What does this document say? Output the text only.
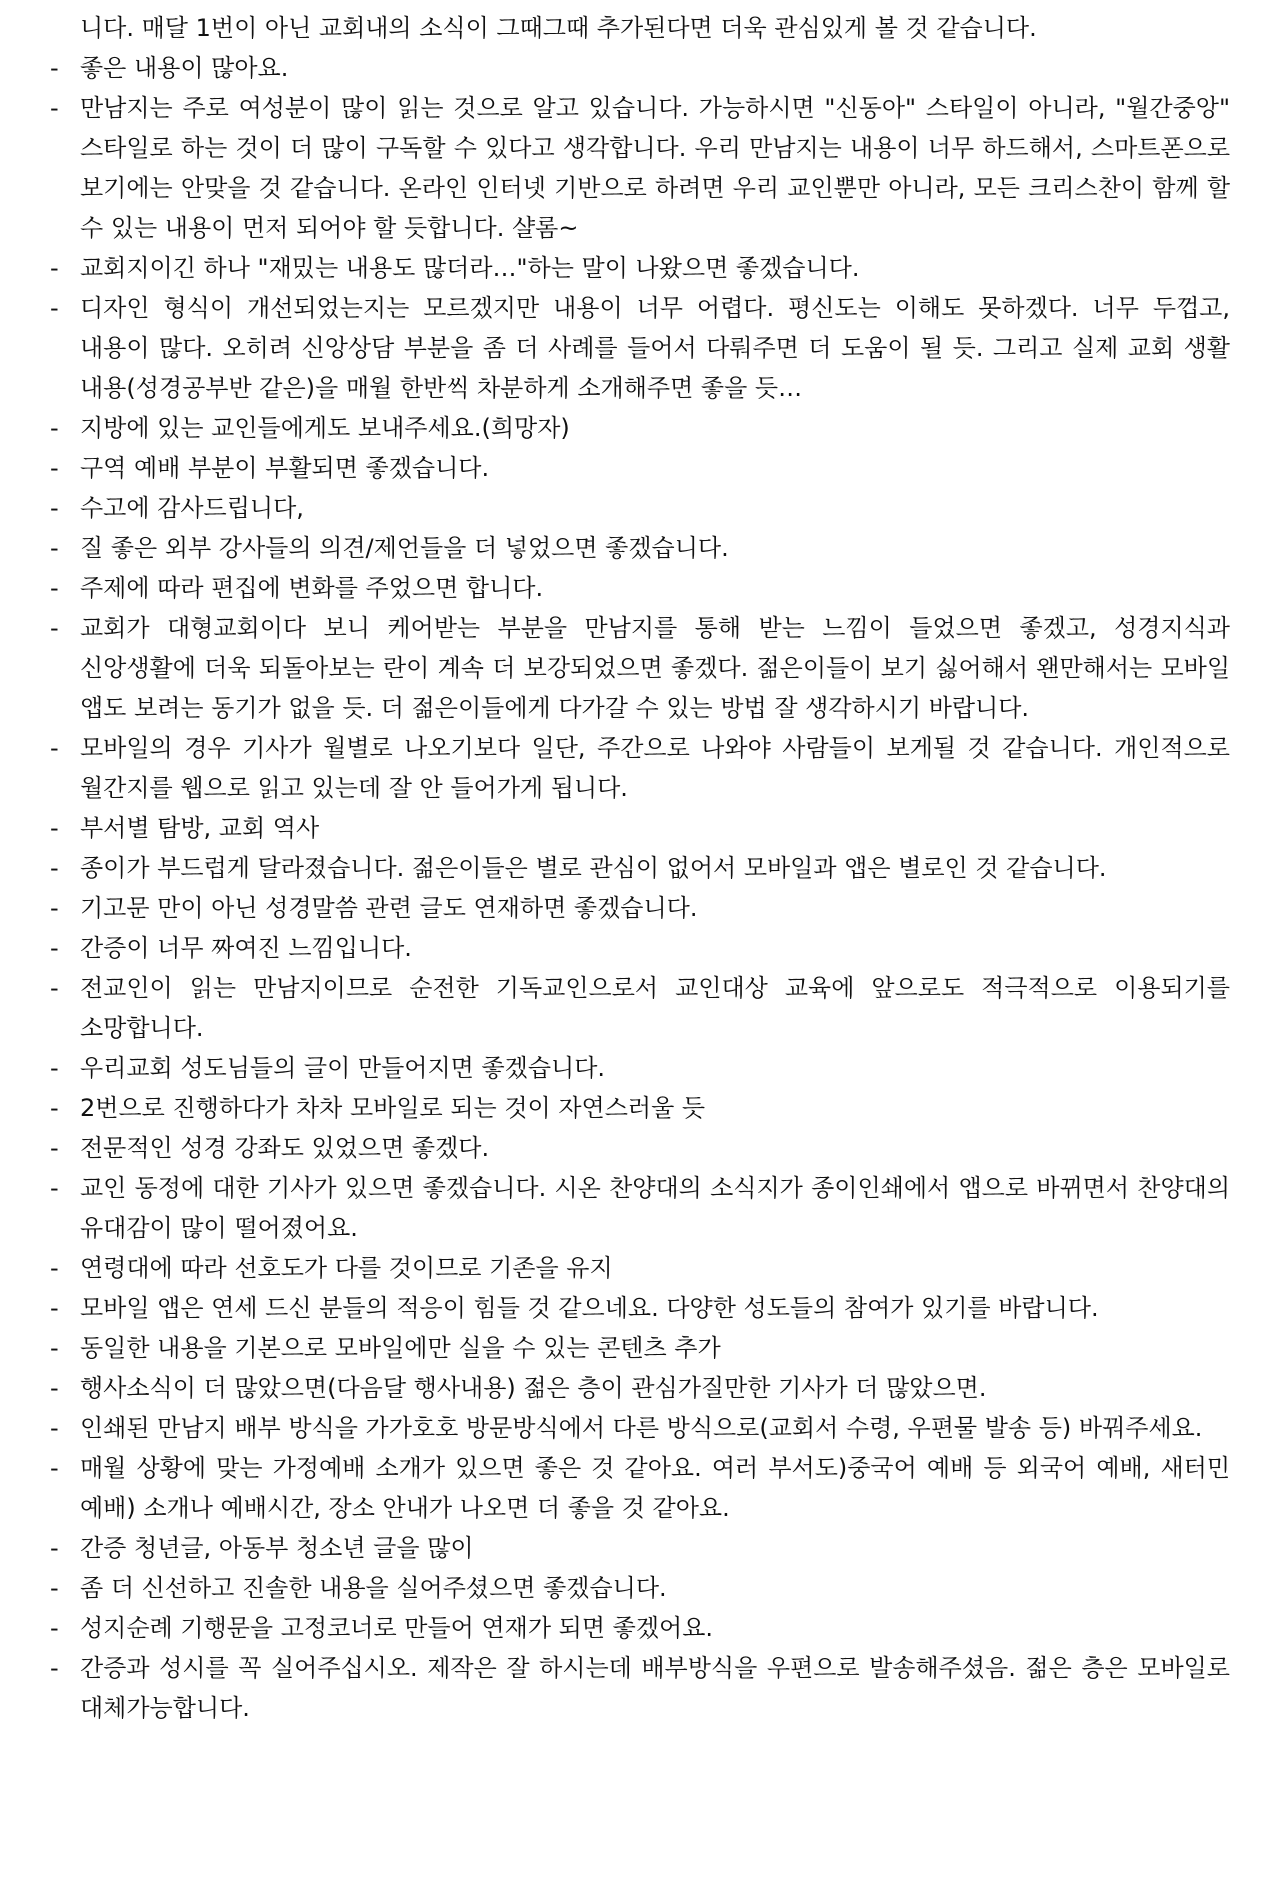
니다. 매달 1번이 아닌 교회내의 소식이 그때그때 추가된다면 더욱 관심있게 볼 것 같습니다.
- 좋은 내용이 많아요.
- 만남지는 주로 여성분이 많이 읽는 것으로 알고 있습니다. 가능하시면 "신동아" 스타일이 아니라, "월간중앙" 스타일로 하는 것이 더 많이 구독할 수 있다고 생각합니다. 우리 만남지는 내용이 너무 하드해서, 스마트폰으로 보기에는 안맞을 것 같습니다. 온라인 인터넷 기반으로 하려면 우리 교인뿐만 아니라, 모든 크리스찬이 함께 할 수 있는 내용이 먼저 되어야 할 듯합니다. 샬롬~
- 교회지이긴 하나 "재밌는 내용도 많더라…"하는 말이 나왔으면 좋겠습니다.
- 디자인 형식이 개선되었는지는 모르겠지만 내용이 너무 어렵다. 평신도는 이해도 못하겠다. 너무 두껍고, 내용이 많다. 오히려 신앙상담 부분을 좀 더 사례를 들어서 다뤄주면 더 도움이 될 듯. 그리고 실제 교회 생활 내용(성경공부반 같은)을 매월 한반씩 차분하게 소개해주면 좋을 듯…
- 지방에 있는 교인들에게도 보내주세요.(희망자)
- 구역 예배 부분이 부활되면 좋겠습니다.
- 수고에 감사드립니다,
- 질 좋은 외부 강사들의 의견/제언들을 더 넣었으면 좋겠습니다.
- 주제에 따라 편집에 변화를 주었으면 합니다.
- 교회가 대형교회이다 보니 케어받는 부분을 만남지를 통해 받는 느낌이 들었으면 좋겠고, 성경지식과 신앙생활에 더욱 되돌아보는 란이 계속 더 보강되었으면 좋겠다. 젊은이들이 보기 싫어해서 왠만해서는 모바일 앱도 보려는 동기가 없을 듯. 더 젊은이들에게 다가갈 수 있는 방법 잘 생각하시기 바랍니다.
- 모바일의 경우 기사가 월별로 나오기보다 일단, 주간으로 나와야 사람들이 보게될 것 같습니다. 개인적으로 월간지를 웹으로 읽고 있는데 잘 안 들어가게 됩니다.
- 부서별 탐방, 교회 역사
- 종이가 부드럽게 달라졌습니다. 젊은이들은 별로 관심이 없어서 모바일과 앱은 별로인 것 같습니다.
- 기고문 만이 아닌 성경말씀 관련 글도 연재하면 좋겠습니다.
- 간증이 너무 짜여진 느낌입니다.
- 전교인이 읽는 만남지이므로 순전한 기독교인으로서 교인대상 교육에 앞으로도 적극적으로 이용되기를 소망합니다.
- 우리교회 성도님들의 글이 만들어지면 좋겠습니다.
- 2번으로 진행하다가 차차 모바일로 되는 것이 자연스러울 듯
- 전문적인 성경 강좌도 있었으면 좋겠다.
- 교인 동정에 대한 기사가 있으면 좋겠습니다. 시온 찬양대의 소식지가 종이인쇄에서 앱으로 바뀌면서 찬양대의 유대감이 많이 떨어졌어요.
- 연령대에 따라 선호도가 다를 것이므로 기존을 유지
- 모바일 앱은 연세 드신 분들의 적응이 힘들 것 같으네요. 다양한 성도들의 참여가 있기를 바랍니다.
- 동일한 내용을 기본으로 모바일에만 실을 수 있는 콘텐츠 추가
- 행사소식이 더 많았으면(다음달 행사내용) 젊은 층이 관심가질만한 기사가 더 많았으면.
- 인쇄된 만남지 배부 방식을 가가호호 방문방식에서 다른 방식으로(교회서 수령, 우편물 발송 등) 바꿔주세요.
- 매월 상황에 맞는 가정예배 소개가 있으면 좋은 것 같아요. 여러 부서도)중국어 예배 등 외국어 예배, 새터민 예배) 소개나 예배시간, 장소 안내가 나오면 더 좋을 것 같아요.
- 간증 청년글, 아동부 청소년 글을 많이
- 좀 더 신선하고 진솔한 내용을 실어주셨으면 좋겠습니다.
- 성지순례 기행문을 고정코너로 만들어 연재가 되면 좋겠어요.
- 간증과 성시를 꼭 실어주십시오. 제작은 잘 하시는데 배부방식을 우편으로 발송해주셨음. 젊은 층은 모바일로 대체가능합니다.
